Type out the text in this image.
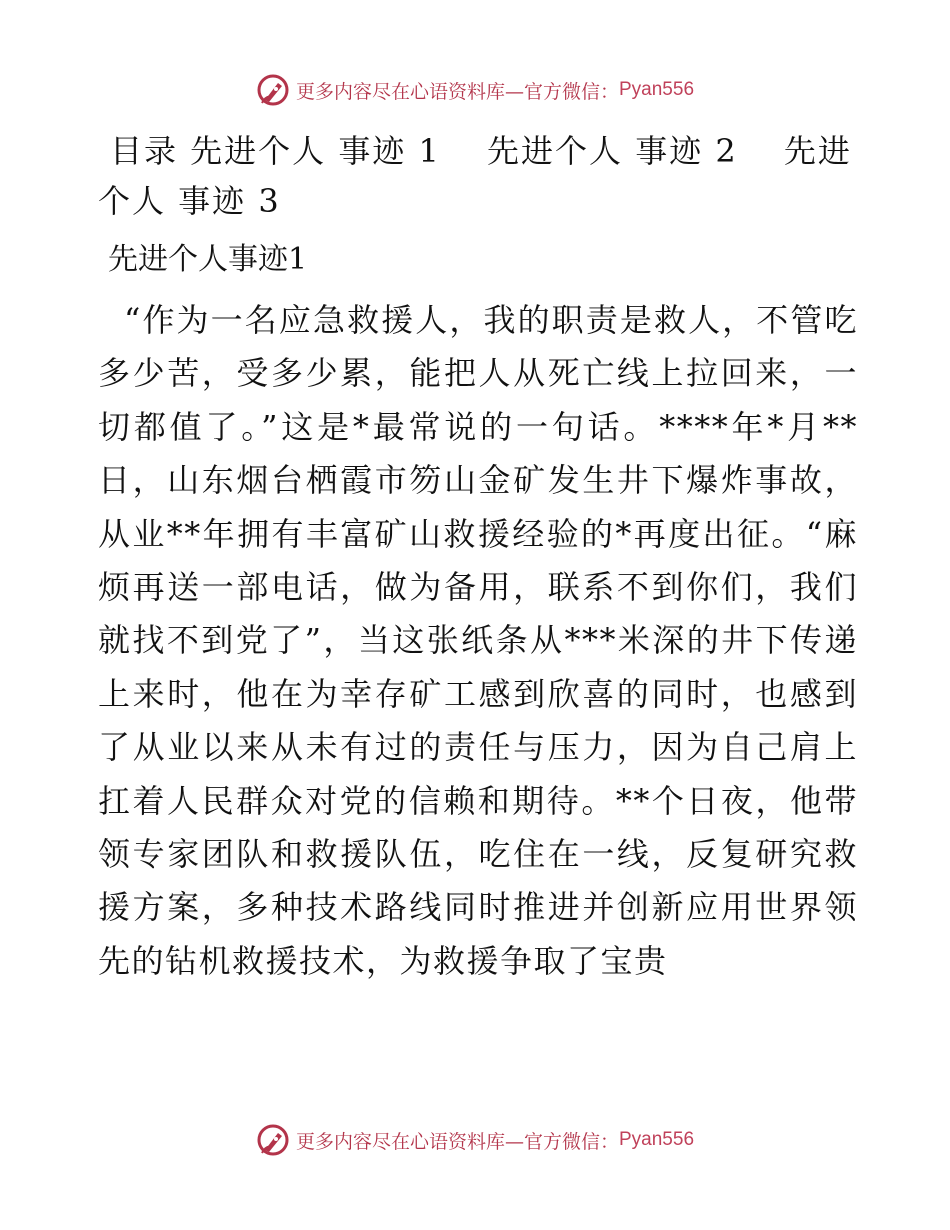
更多内容尽在心语资料库—官方微信： Pyan556

目录 先进个人 事迹 1　 先进个人 事迹 2　 先进个人 事迹 3

先进个人事迹1

“作为一名应急救援人，我的职责是救人，不管吃多少苦，受多少累，能把人从死亡线上拉回来，一切都值了。”这是*最常说的一句话。****年*月**日，山东烟台栖霞市笏山金矿发生井下爆炸事故，从业**年拥有丰富矿山救援经验的*再度出征。“麻烦再送一部电话，做为备用，联系不到你们，我们就找不到党了”，当这张纸条从***米深的井下传递上来时，他在为幸存矿工感到欣喜的同时，也感到了从业以来从未有过的责任与压力，因为自己肩上扛着人民群众对党的信赖和期待。**个日夜，他带领专家团队和救援队伍，吃住在一线，反复研究救援方案，多种技术路线同时推进并创新应用世界领先的钻机救援技术，为救援争取了宝贵

更多内容尽在心语资料库—官方微信： Pyan556
